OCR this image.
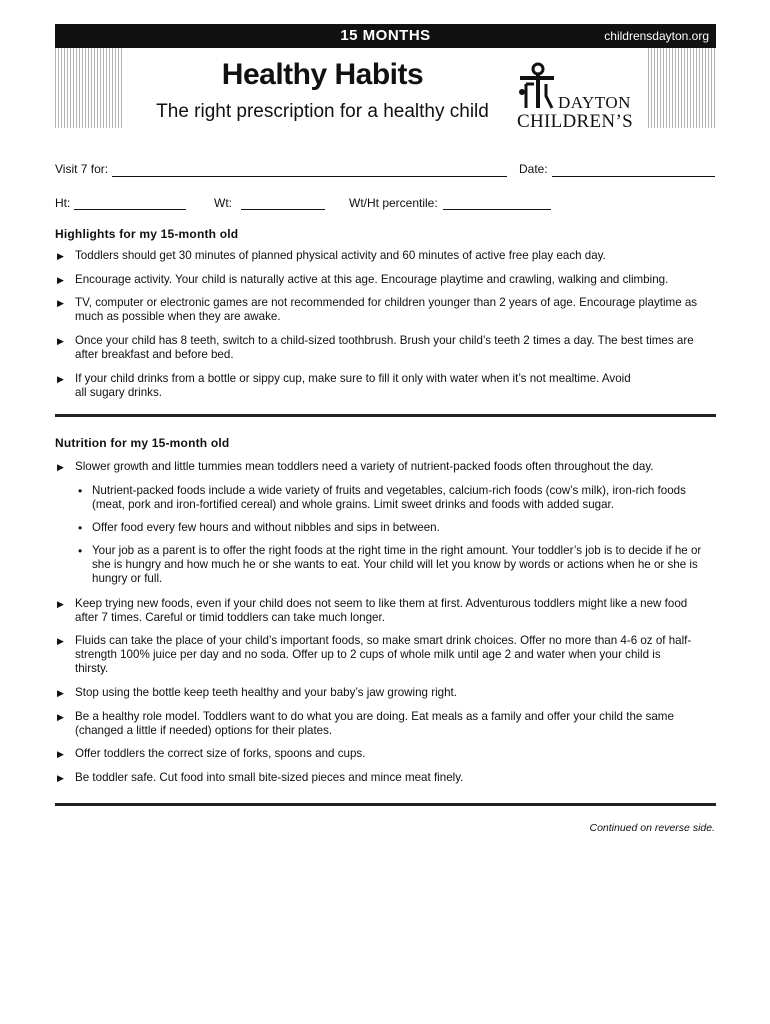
15 MONTHS	childrensdayton.org
Healthy Habits
The right prescription for a healthy child	DAYTON
CHILDREN’S
Visit 7 for:	Date:
Ht:	Wt:	Wt/Ht percentile:
Highlights for my 15-month old
▶ Toddlers should get 30 minutes of planned physical activity and 60 minutes of active free play each day.
▶ Encourage activity. Your child is naturally active at this age. Encourage playtime and crawling, walking and climbing.
▶ TV, computer or electronic games are not recommended for children younger than 2 years of age. Encourage playtime as much as possible when they are awake.
▶ Once your child has 8 teeth, switch to a child-sized toothbrush. Brush your child’s teeth 2 times a day. The best times are after breakfast and before bed.
▶ If your child drinks from a bottle or sippy cup, make sure to fill it only with water when it’s not mealtime. Avoid all sugary drinks.
Nutrition for my 15-month old
▶ Slower growth and little tummies mean toddlers need a variety of nutrient-packed foods often throughout the day.
• Nutrient-packed foods include a wide variety of fruits and vegetables, calcium-rich foods (cow’s milk), iron-rich foods (meat, pork and iron-fortified cereal) and whole grains. Limit sweet drinks and foods with added sugar.
• Offer food every few hours and without nibbles and sips in between.
• Your job as a parent is to offer the right foods at the right time in the right amount. Your toddler’s job is to decide if he or she is hungry and how much he or she wants to eat. Your child will let you know by words or actions when he or she is hungry or full.
▶ Keep trying new foods, even if your child does not seem to like them at first. Adventurous toddlers might like a new food after 7 times. Careful or timid toddlers can take much longer.
▶ Fluids can take the place of your child’s important foods, so make smart drink choices. Offer no more than 4-6 oz of half-strength 100% juice per day and no soda. Offer up to 2 cups of whole milk until age 2 and water when your child is thirsty.
▶ Stop using the bottle keep teeth healthy and your baby’s jaw growing right.
▶ Be a healthy role model. Toddlers want to do what you are doing. Eat meals as a family and offer your child the same (changed a little if needed) options for their plates.
▶ Offer toddlers the correct size of forks, spoons and cups.
▶ Be toddler safe. Cut food into small bite-sized pieces and mince meat finely.
Continued on reverse side.
